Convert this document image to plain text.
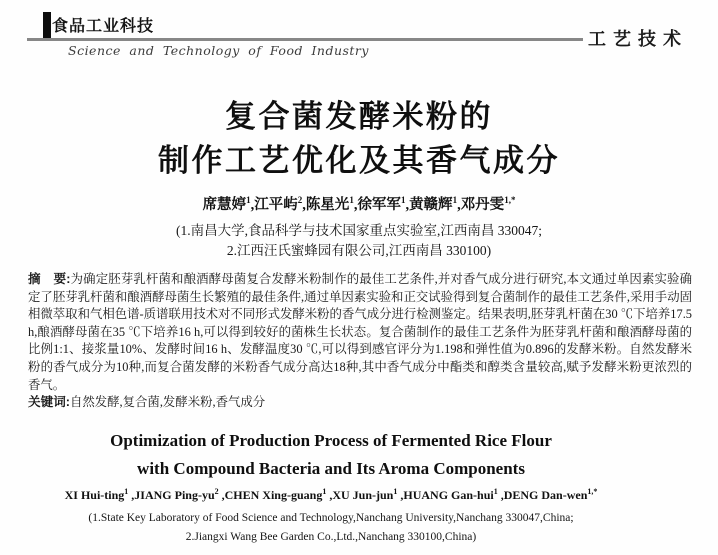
食品工业科技
Science and Technology of Food Industry
工艺技术
复合菌发酵米粉的
制作工艺优化及其香气成分
席慧婷$^1$,江平屿$^2$,陈星光$^1$,徐军军$^1$,黄赣辉$^1$,邓丹雯$^{1,*}$
(1.南昌大学,食品科学与技术国家重点实验室,江西南昌 330047;
2.江西汪氏蜜蜂园有限公司,江西南昌 330100)
摘　要:为确定胚芽乳杆菌和酿酒酵母菌复合发酵米粉制作的最佳工艺条件,并对香气成分进行研究,本文通过单因素实验确定了胚芽乳杆菌和酿酒酵母菌生长繁殖的最佳条件,通过单因素实验和正交试验得到复合菌制作的最佳工艺条件,采用手动固相微萃取和气相色谱-质谱联用技术对不同形式发酵米粉的香气成分进行检测鉴定。结果表明,胚芽乳杆菌在30 ℃下培养17.5 h,酿酒酵母菌在35 ℃下培养16 h,可以得到较好的菌株生长状态。复合菌制作的最佳工艺条件为胚芽乳杆菌和酿酒酵母菌的比例1:1、接浆量10%、发酵时间16 h、发酵温度30 ℃,可以得到感官评分为1.198和弹性值为0.896的发酵米粉。自然发酵米粉的香气成分为10种,而复合菌发酵的米粉香气成分高达18种,其中香气成分中酯类和醇类含量较高,赋予发酵米粉更浓烈的香气。
关键词:自然发酵,复合菌,发酵米粉,香气成分
Optimization of Production Process of Fermented Rice Flour
with Compound Bacteria and Its Aroma Components
XI Hui-ting$^1$ ,JIANG Ping-$yu^2$ ,CHEN Xing-guang$^1$ ,XU Jun-jun$^1$ ,HUANG Gan-hui$^1$ ,DENG Dan-wen$^{1,*}$
(1.State Key Laboratory of Food Science and Technology,Nanchang University,Nanchang 330047,China;
2.Jiangxi Wang Bee Garden Co.,Ltd.,Nanchang 330100,China)
